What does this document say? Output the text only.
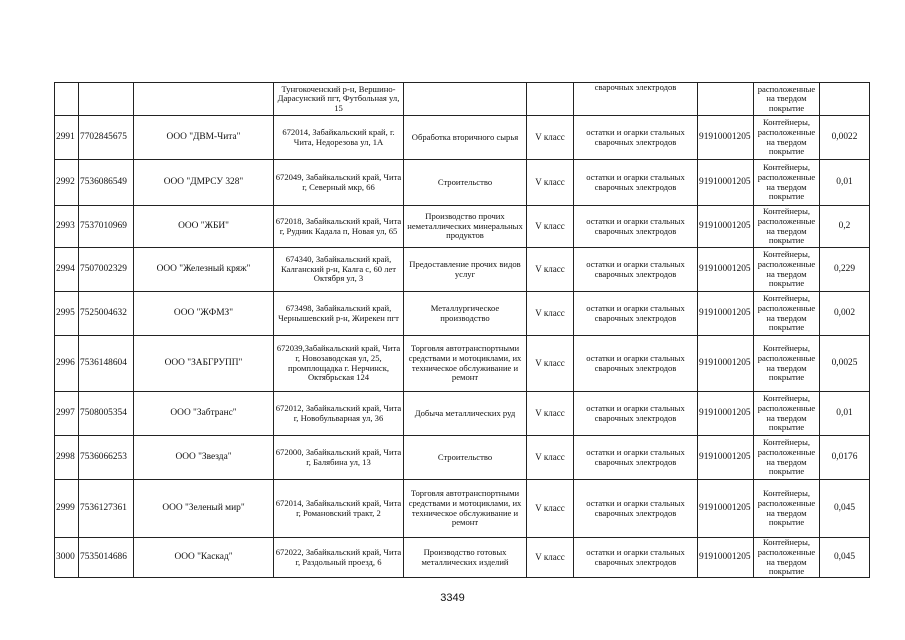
			Тунгокоченский р-н, Вершино-Дарасунский пгт, Футбольная ул, 15			сварочных электродов		расположенные на твердом покрытие	
2991	7702845675	ООО "ДВМ-Чита"	672014, Забайкальский край, г. Чита, Недорезова ул, 1А	Обработка вторичного сырья	V класс	остатки и огарки стальных сварочных электродов	91910001205	Контейнеры, расположенные на твердом покрытие	0,0022
2992	7536086549	ООО "ДМРСУ 328"	672049, Забайкальский край, Чита г, Северный мкр, 66	Строительство	V класс	остатки и огарки стальных сварочных электродов	91910001205	Контейнеры, расположенные на твердом покрытие	0,01
2993	7537010969	ООО "ЖБИ"	672018, Забайкальский край, Чита г, Рудник Кадала п, Новая ул, 65	Производство прочих неметаллических минеральных продуктов	V класс	остатки и огарки стальных сварочных электродов	91910001205	Контейнеры, расположенные на твердом покрытие	0,2
2994	7507002329	ООО "Железный кряж"	674340, Забайкальский край, Калганский р-н, Калга с, 60 лет Октября ул, 3	Предоставление прочих видов услуг	V класс	остатки и огарки стальных сварочных электродов	91910001205	Контейнеры, расположенные на твердом покрытие	0,229
2995	7525004632	ООО "ЖФМЗ"	673498, Забайкальский край, Чернышевский р-н, Жирекен пгт	Металлургическое производство	V класс	остатки и огарки стальных сварочных электродов	91910001205	Контейнеры, расположенные на твердом покрытие	0,002
2996	7536148604	ООО "ЗАБГРУПП"	672039,Забайкальский край, Чита г, Новозаводская ул, 25, промплощадка г. Нерчинск, Октябрьская 124	Торговля автотранспортными средствами и мотоциклами, их техническое обслуживание и ремонт	V класс	остатки и огарки стальных сварочных электродов	91910001205	Контейнеры, расположенные на твердом покрытие	0,0025
2997	7508005354	ООО "Забтранс"	672012, Забайкальский край, Чита г, Новобульварная ул, 36	Добыча металлических руд	V класс	остатки и огарки стальных сварочных электродов	91910001205	Контейнеры, расположенные на твердом покрытие	0,01
2998	7536066253	ООО "Звезда"	672000, Забайкальский край, Чита г, Балябина ул, 13	Строительство	V класс	остатки и огарки стальных сварочных электродов	91910001205	Контейнеры, расположенные на твердом покрытие	0,0176
2999	7536127361	ООО "Зеленый мир"	672014, Забайкальский край, Чита г, Романовский тракт, 2	Торговля автотранспортными средствами и мотоциклами, их техническое обслуживание и ремонт	V класс	остатки и огарки стальных сварочных электродов	91910001205	Контейнеры, расположенные на твердом покрытие	0,045
3000	7535014686	ООО "Каскад"	672022, Забайкальский край, Чита г, Раздольный проезд, 6	Производство готовых металлических изделий	V класс	остатки и огарки стальных сварочных электродов	91910001205	Контейнеры, расположенные на твердом покрытие	0,045
3349
